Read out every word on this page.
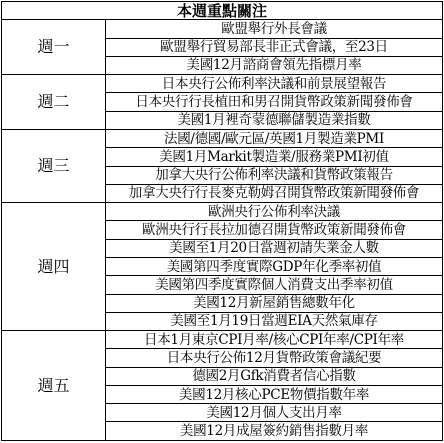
本週重點關注	
週一	歐盟舉行外長會議
	歐盟舉行貿易部長非正式會議，至23日
	美國12月諮商會領先指標月率
週二	日本央行公佈利率決議和前景展望報告
	日本央行行長植田和男召開貨幣政策新聞發佈會
	美國1月裡奇蒙德聯儲製造業指數
週三	法國/德國/歐元區/英國1月製造業PMI
	美國1月Markit製造業/服務業PMI初值
	加拿大央行公佈利率決議和貨幣政策報告
	加拿大央行行長麥克勒姆召開貨幣政策新聞發佈會
週四	歐洲央行公佈利率決議
	歐洲央行行長拉加德召開貨幣政策新聞發佈會
	美國至1月20日當週初請失業金人數
	美國第四季度實際GDP年化季率初值
	美國第四季度實際個人消費支出季率初值
	美國12月新屋銷售總數年化
	美國至1月19日當週EIA天然氣庫存
週五	日本1月東京CPI月率/核心CPI年率/CPI年率
	日本央行公佈12月貨幣政策會議紀要
	德國2月Gfk消費者信心指數
	美國12月核心PCE物價指數年率
	美國12月個人支出月率
	美國12月成屋簽約銷售指數月率
